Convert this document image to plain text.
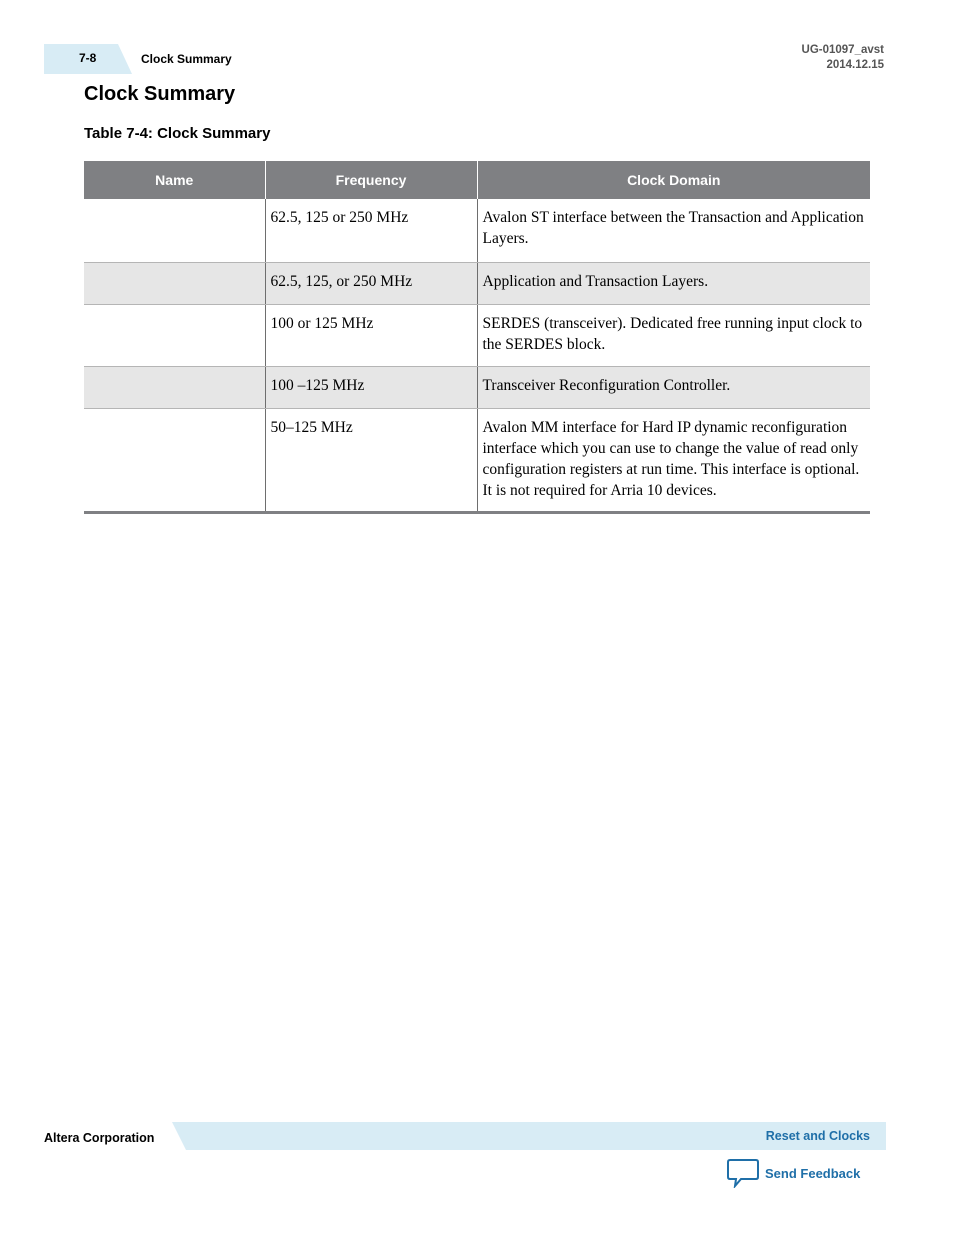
7-8	Clock Summary
UG-01097_avst
2014.12.15
Clock Summary
Table 7-4: Clock Summary
Name	Frequency	Clock Domain
	62.5, 125 or 250 MHz	Avalon ST interface between the Transaction and Application Layers.
	62.5, 125, or 250 MHz	Application and Transaction Layers.
	100 or 125 MHz	SERDES (transceiver). Dedicated free running input clock to the SERDES block.
	100 –125 MHz	Transceiver Reconfiguration Controller.
	50–125 MHz	Avalon MM interface for Hard IP dynamic reconfiguration interface which you can use to change the value of read only configuration registers at run time. This interface is optional. It is not required for Arria 10 devices.
Altera Corporation	Reset and Clocks
Send Feedback
